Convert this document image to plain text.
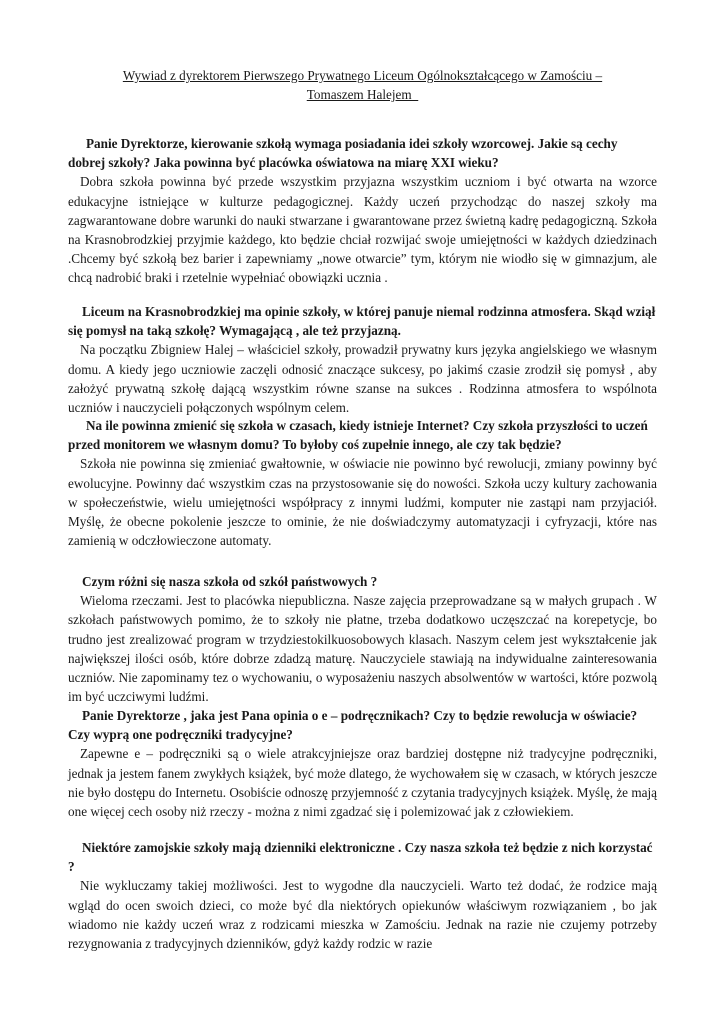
Wywiad z dyrektorem Pierwszego Prywatnego Liceum Ogólnokształcącego w Zamościu –
Tomaszem Halejem
Panie Dyrektorze, kierowanie szkołą wymaga posiadania idei szkoły wzorcowej. Jakie są cechy dobrej szkoły? Jaka powinna być placówka oświatowa na miarę XXI wieku?
Dobra szkoła powinna być przede wszystkim przyjazna wszystkim uczniom i być otwarta na wzorce edukacyjne istniejące w kulturze pedagogicznej. Każdy uczeń przychodząc do naszej szkoły ma zagwarantowane dobre warunki do nauki stwarzane i gwarantowane przez świetną kadrę pedagogiczną. Szkoła na Krasnobrodzkiej przyjmie każdego, kto będzie chciał rozwijać swoje umiejętności w każdych dziedzinach .Chcemy być szkołą bez barier i zapewniamy „nowe otwarcie” tym, którym nie wiodło się w gimnazjum, ale chcą nadrobić braki i rzetelnie wypełniać obowiązki ucznia .
Liceum na Krasnobrodzkiej ma opinie szkoły, w której panuje niemal rodzinna atmosfera. Skąd wziął się pomysł na taką szkołę? Wymagającą , ale też przyjazną.
Na początku Zbigniew Halej – właściciel szkoły, prowadził prywatny kurs języka angielskiego we własnym domu. A kiedy jego uczniowie zaczęli odnosić znaczące sukcesy, po jakimś czasie zrodził się pomysł , aby założyć prywatną szkołę dającą wszystkim równe szanse na sukces . Rodzinna atmosfera to wspólnota uczniów i nauczycieli połączonych wspólnym celem.
Na ile powinna zmienić się szkoła w czasach, kiedy istnieje Internet? Czy szkoła przyszłości to uczeń przed monitorem we własnym domu? To byłoby coś zupełnie innego, ale czy tak będzie?
Szkoła nie powinna się zmieniać gwałtownie, w oświacie nie powinno być rewolucji, zmiany powinny być ewolucyjne. Powinny dać wszystkim czas na przystosowanie się do nowości. Szkoła uczy kultury zachowania w społeczeństwie, wielu umiejętności współpracy z innymi ludźmi, komputer nie zastąpi nam przyjaciół. Myślę, że obecne pokolenie jeszcze to ominie, że nie doświadczymy automatyzacji i cyfryzacji, które nas zamienią w odczłowieczone automaty.
Czym różni się nasza szkoła od szkół państwowych ?
Wieloma rzeczami. Jest to placówka niepubliczna. Nasze zajęcia przeprowadzane są w małych grupach . W szkołach państwowych pomimo, że to szkoły nie płatne, trzeba dodatkowo uczęszczać na korepetycje, bo trudno jest zrealizować program w trzydziestokilkuosobowych klasach. Naszym celem jest wykształcenie jak największej ilości osób, które dobrze zdadzą maturę. Nauczyciele stawiają na indywidualne zainteresowania uczniów. Nie zapominamy tez o wychowaniu, o wyposażeniu naszych absolwentów w wartości, które pozwolą im być uczciwymi ludźmi.
Panie Dyrektorze , jaka jest Pana opinia o e – podręcznikach? Czy to będzie rewolucja w oświacie? Czy wyprą one podręczniki tradycyjne?
Zapewne e – podręczniki są o wiele atrakcyjniejsze oraz bardziej dostępne niż tradycyjne podręczniki, jednak ja jestem fanem zwykłych książek, być może dlatego, że wychowałem się w czasach, w których jeszcze nie było dostępu do Internetu. Osobiście odnoszę przyjemność z czytania tradycyjnych książek. Myślę, że mają one więcej cech osoby niż rzeczy - można z nimi zgadzać się i polemizować jak z człowiekiem.
Niektóre zamojskie szkoły mają dzienniki elektroniczne . Czy nasza szkoła też będzie z nich korzystać ?
Nie wykluczamy takiej możliwości. Jest to wygodne dla nauczycieli. Warto też dodać, że rodzice mają wgląd do ocen swoich dzieci, co może być dla niektórych opiekunów właściwym rozwiązaniem , bo jak wiadomo nie każdy uczeń wraz z rodzicami mieszka w Zamościu. Jednak na razie nie czujemy potrzeby rezygnowania z tradycyjnych dzienników, gdyż każdy rodzic w razie
